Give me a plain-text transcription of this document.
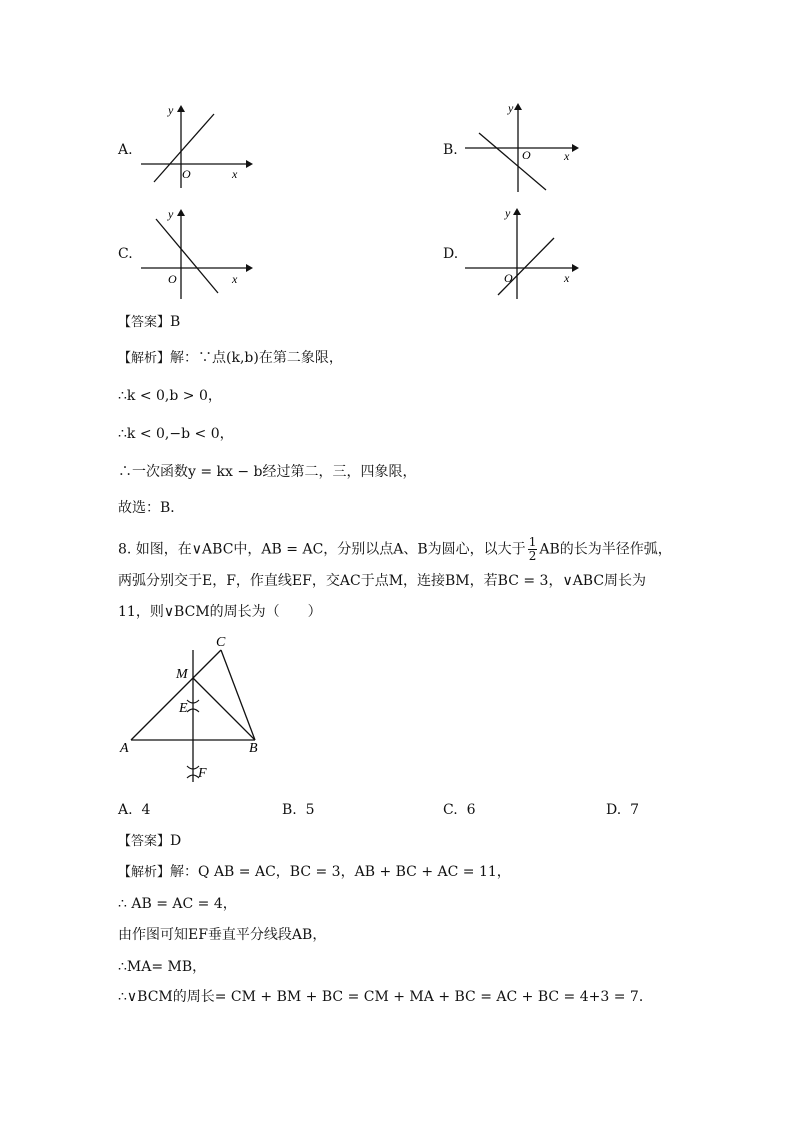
A.
y
O	x
B.
y
O	x
C.
y
O	x
D.
y
O	x
【答案】B
【解析】解：∵点(k,b)在第二象限，
∴k < 0,b > 0，
∴k < 0,−b < 0，
∴一次函数y = kx − b经过第二，三，四象限，
故选：B．
8. 如图，在∨ABC中，AB = AC，分别以点A、B为圆心，以大于 $\frac{1}{2}$ AB的长为半径作弧，
两弧分别交于E，F，作直线EF，交AC于点M，连接BM，若BC = 3，∨ABC周长为
11，则∨BCM的周长为（　　）
C
M
E
A	B
F
A. 4	B. 5	C. 6	D. 7
【答案】D
【解析】解：Q AB = AC，BC = 3，AB + BC + AC = 11，
∴ AB = AC = 4，
由作图可知EF垂直平分线段AB，
∴MA= MB，
∴∨BCM的周长= CM + BM + BC = CM + MA + BC = AC + BC = 4+3 = 7．
